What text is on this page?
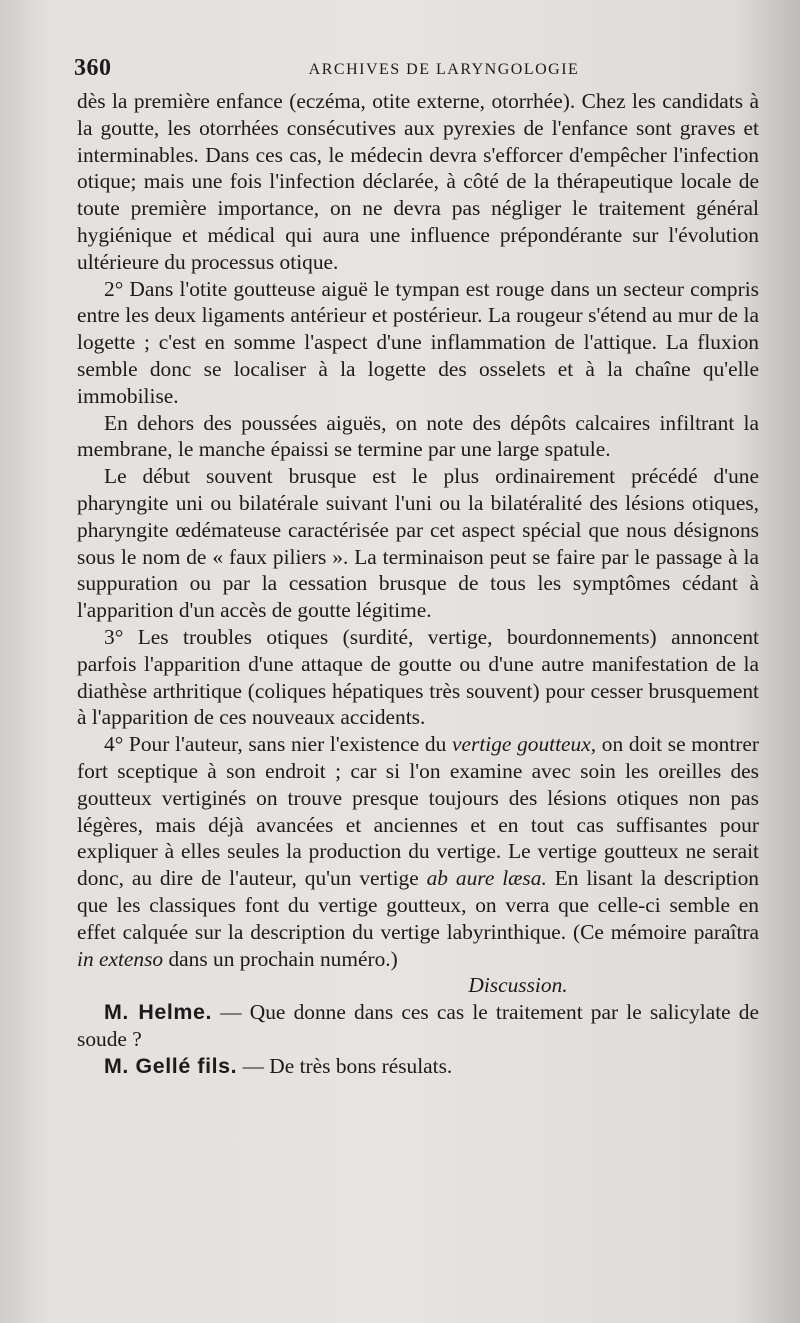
360	ARCHIVES DE LARYNGOLOGIE

dès la première enfance (eczéma, otite externe, otorrhée). Chez les candidats à la goutte, les otorrhées consécutives aux pyrexies de l'enfance sont graves et interminables. Dans ces cas, le médecin devra s'efforcer d'empêcher l'infection otique; mais une fois l'infection déclarée, à côté de la thérapeutique locale de toute première importance, on ne devra pas négliger le traitement général hygiénique et médical qui aura une influence prépondérante sur l'évolution ultérieure du processus otique.

2° Dans l'otite goutteuse aiguë le tympan est rouge dans un secteur compris entre les deux ligaments antérieur et postérieur. La rougeur s'étend au mur de la logette ; c'est en somme l'aspect d'une inflammation de l'attique. La fluxion semble donc se localiser à la logette des osselets et à la chaîne qu'elle immobilise.

En dehors des poussées aiguës, on note des dépôts calcaires infiltrant la membrane, le manche épaissi se termine par une large spatule.

Le début souvent brusque est le plus ordinairement précédé d'une pharyngite uni ou bilatérale suivant l'uni ou la bilatéralité des lésions otiques, pharyngite œdémateuse caractérisée par cet aspect spécial que nous désignons sous le nom de « faux piliers ». La terminaison peut se faire par le passage à la suppuration ou par la cessation brusque de tous les symptômes cédant à l'apparition d'un accès de goutte légitime.

3° Les troubles otiques (surdité, vertige, bourdonnements) annoncent parfois l'apparition d'une attaque de goutte ou d'une autre manifestation de la diathèse arthritique (coliques hépatiques très souvent) pour cesser brusquement à l'apparition de ces nouveaux accidents.

4° Pour l'auteur, sans nier l'existence du vertige goutteux, on doit se montrer fort sceptique à son endroit ; car si l'on examine avec soin les oreilles des goutteux vertiginés on trouve presque toujours des lésions otiques non pas légères, mais déjà avancées et anciennes et en tout cas suffisantes pour expliquer à elles seules la production du vertige. Le vertige goutteux ne serait donc, au dire de l'auteur, qu'un vertige ab aure læsa. En lisant la description que les classiques font du vertige goutteux, on verra que celle-ci semble en effet calquée sur la description du vertige labyrinthique. (Ce mémoire paraîtra in extenso dans un prochain numéro.)

Discussion.

M. Helme. — Que donne dans ces cas le traitement par le salicylate de soude ?

M. Gellé fils. — De très bons résulats.
